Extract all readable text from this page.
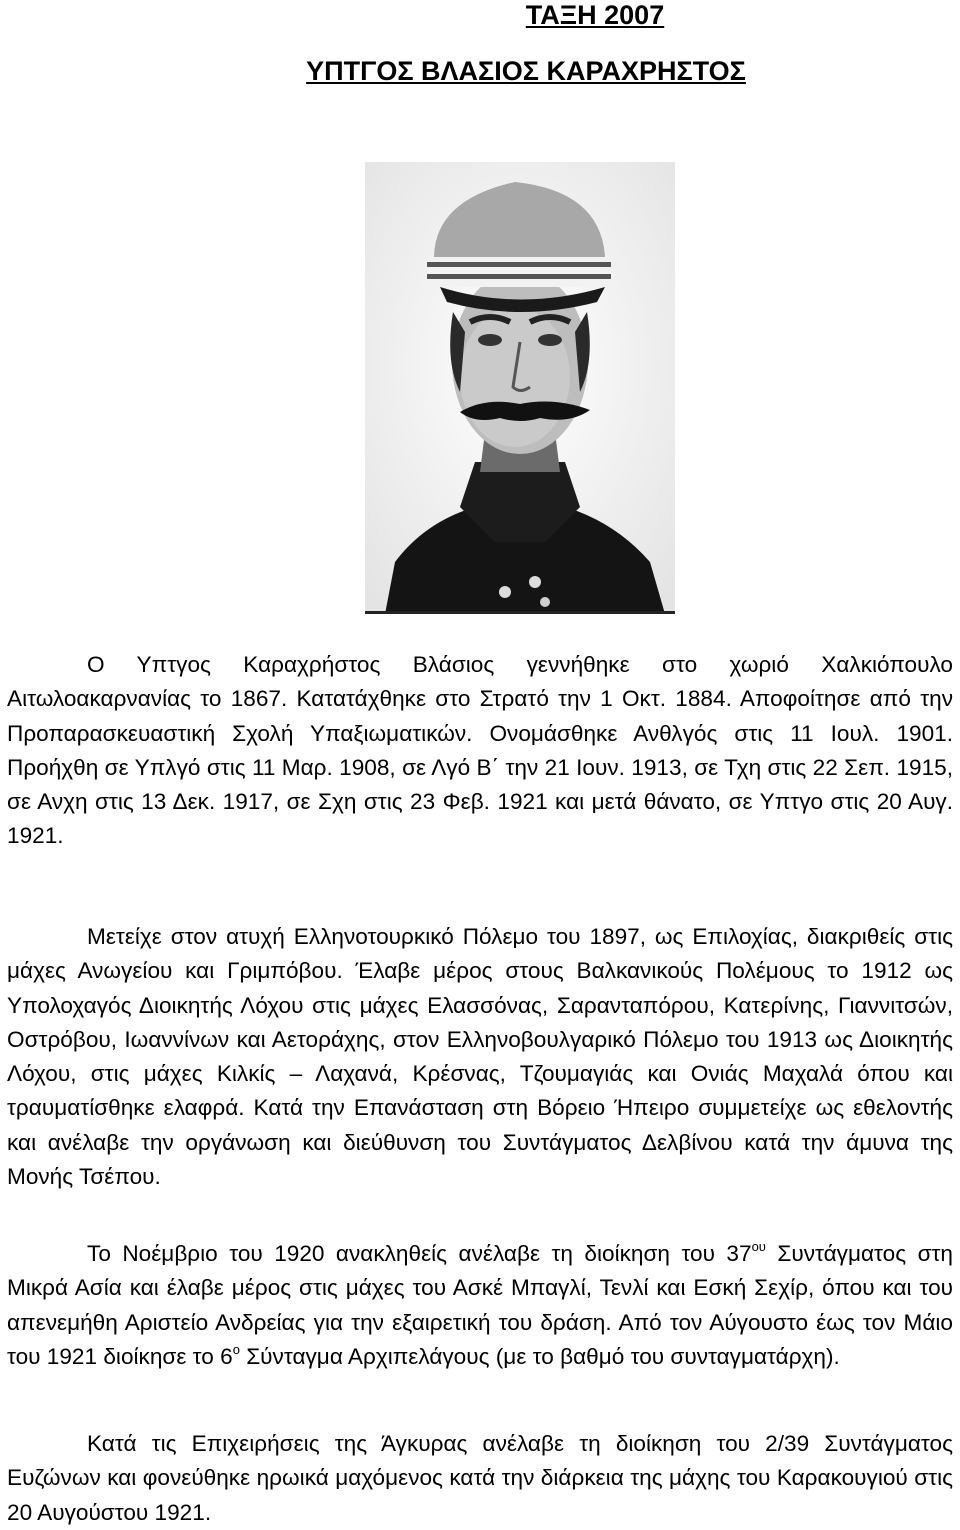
ΤΑΞΗ 2007
ΥΠΤΓΟΣ ΒΛΑΣΙΟΣ ΚΑΡΑΧΡΗΣΤΟΣ

Ο Υπτγος Καραχρήστος Βλάσιος γεννήθηκε στο χωριό Χαλκιόπουλο Αιτωλοακαρνανίας το 1867. Κατατάχθηκε στο Στρατό την 1 Οκτ. 1884. Αποφοίτησε από την Προπαρασκευαστική Σχολή Υπαξιωματικών. Ονομάσθηκε Ανθλγός στις 11 Ιουλ. 1901. Προήχθη σε Υπλγό στις 11 Μαρ. 1908, σε Λγό Β΄ την 21 Ιουν. 1913, σε Τχη στις 22 Σεπ. 1915, σε Ανχη στις 13 Δεκ. 1917, σε Σχη στις 23 Φεβ. 1921 και μετά θάνατο, σε Υπτγο στις 20 Αυγ. 1921.

Μετείχε στον ατυχή Ελληνοτουρκικό Πόλεμο του 1897, ως Επιλοχίας, διακριθείς στις μάχες Ανωγείου και Γριμπόβου. Έλαβε μέρος στους Βαλκανικούς Πολέμους το 1912 ως Υπολοχαγός Διοικητής Λόχου στις μάχες Ελασσόνας, Σαρανταπόρου, Κατερίνης, Γιαννιτσών, Οστρόβου, Ιωαννίνων και Αετοράχης, στον Ελληνοβουλγαρικό Πόλεμο του 1913 ως Διοικητής Λόχου, στις μάχες Κιλκίς – Λαχανά, Κρέσνας, Τζουμαγιάς και Ονιάς Μαχαλά όπου και τραυματίσθηκε ελαφρά. Κατά την Επανάσταση στη Βόρειο Ήπειρο συμμετείχε ως εθελοντής και ανέλαβε την οργάνωση και διεύθυνση του Συντάγματος Δελβίνου κατά την άμυνα της Μονής Τσέπου.

Το Νοέμβριο του 1920 ανακληθείς ανέλαβε τη διοίκηση του $37^{o\upsilon}$ Συντάγματος στη Μικρά Ασία και έλαβε μέρος στις μάχες του Ασκέ Μπαγλί, Τενλί και Εσκή Σεχίρ, όπου και του απενεμήθη Αριστείο Ανδρείας για την εξαιρετική του δράση. Από τον Αύγουστο έως τον Μάιο του 1921 διοίκησε το $6^o$ Σύνταγμα Αρχιπελάγους (με το βαθμό του συνταγματάρχη).

Κατά τις Επιχειρήσεις της Άγκυρας ανέλαβε τη διοίκηση του 2/39 Συντάγματος Ευζώνων και φονεύθηκε ηρωικά μαχόμενος κατά την διάρκεια της μάχης του Καρακουγιού στις 20 Αυγούστου 1921.
